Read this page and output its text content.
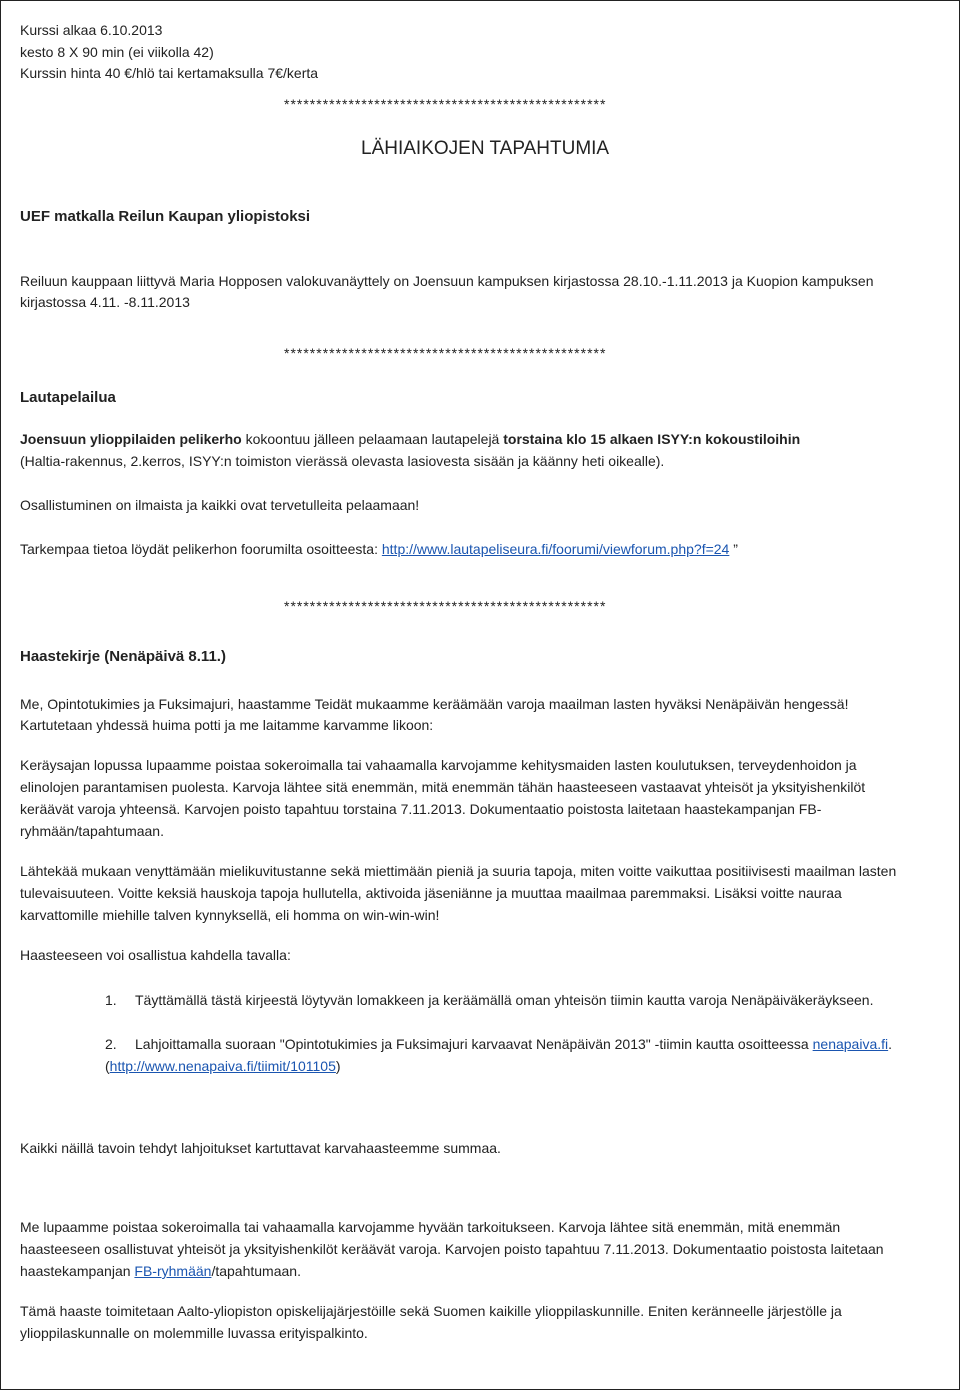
Kurssi alkaa 6.10.2013

kesto 8 X 90 min (ei viikolla 42)

Kurssin hinta 40 €/hlö tai kertamaksulla 7€/kerta

**************************************************
LÄHIAIKOJEN TAPAHTUMIA

UEF matkalla Reilun Kaupan yliopistoksi

Reiluun kauppaan liittyvä Maria Hopposen valokuvanäyttely on Joensuun kampuksen kirjastossa 28.10.-1.11.2013 ja Kuopion kampuksen

kirjastossa 4.11. -8.11.2013

**************************************************

Lautapelailua

Joensuun ylioppilaiden pelikerho kokoontuu jälleen pelaamaan lautapelejä torstaina klo 15 alkaen ISYY:n kokoustiloihin

(Haltia-rakennus, 2.kerros, ISYY:n toimiston vierässä olevasta lasiovesta sisään ja käänny heti oikealle).

Osallistuminen on ilmaista ja kaikki ovat tervetulleita pelaamaan!

Tarkempaa tietoa löydät pelikerhon foorumilta osoitteesta: http://www.lautapeliseura.fi/foorumi/viewforum.php?f=24 ”

**************************************************

Haastekirje (Nenäpäivä 8.11.)

Me, Opintotukimies ja Fuksimajuri, haastamme Teidät mukaamme keräämään varoja maailman lasten hyväksi Nenäpäivän hengessä!

Kartutetaan yhdessä huima potti ja me laitamme karvamme likoon:

Keräysajan lopussa lupaamme poistaa sokeroimalla tai vahaamalla karvojamme kehitysmaiden lasten koulutuksen, terveydenhoidon ja

elinolojen parantamisen puolesta. Karvoja lähtee sitä enemmän, mitä enemmän tähän haasteeseen vastaavat yhteisöt ja yksityishenkilöt

keräävät varoja yhteensä. Karvojen poisto tapahtuu torstaina 7.11.2013. Dokumentaatio poistosta laitetaan haastekampanjan FB-

ryhmään/tapahtumaan.

Lähtekää mukaan venyttämään mielikuvitustanne sekä miettimään pieniä ja suuria tapoja, miten voitte vaikuttaa positiivisesti maailman lasten

tulevaisuuteen. Voitte keksiä hauskoja tapoja hullutella, aktivoida jäseniänne ja muuttaa maailmaa paremmaksi. Lisäksi voitte nauraa

karvattomille miehille talven kynnyksellä, eli homma on win-win-win!

Haasteeseen voi osallistua kahdella tavalla:

1. Täyttämällä tästä kirjeestä löytyvän lomakkeen ja keräämällä oman yhteisön tiimin kautta varoja Nenäpäiväkeräykseen.
2. Lahjoittamalla suoraan "Opintotukimies ja Fuksimajuri karvaavat Nenäpäivän 2013" -tiimin kautta osoitteessa nenapaiva.fi.
(http://www.nenapaiva.fi/tiimit/101105)

Kaikki näillä tavoin tehdyt lahjoitukset kartuttavat karvahaasteemme summaa.

Me lupaamme poistaa sokeroimalla tai vahaamalla karvojamme hyvään tarkoitukseen. Karvoja lähtee sitä enemmän, mitä enemmän

haasteeseen osallistuvat yhteisöt ja yksityishenkilöt keräävät varoja. Karvojen poisto tapahtuu 7.11.2013. Dokumentaatio poistosta laitetaan

haastekampanjan FB-ryhmään/tapahtumaan.

Tämä haaste toimitetaan Aalto-yliopiston opiskelijajärjestöille sekä Suomen kaikille ylioppilaskunnille. Eniten keränneelle järjestölle ja

ylioppilaskunnalle on molemmille luvassa erityispalkinto.
